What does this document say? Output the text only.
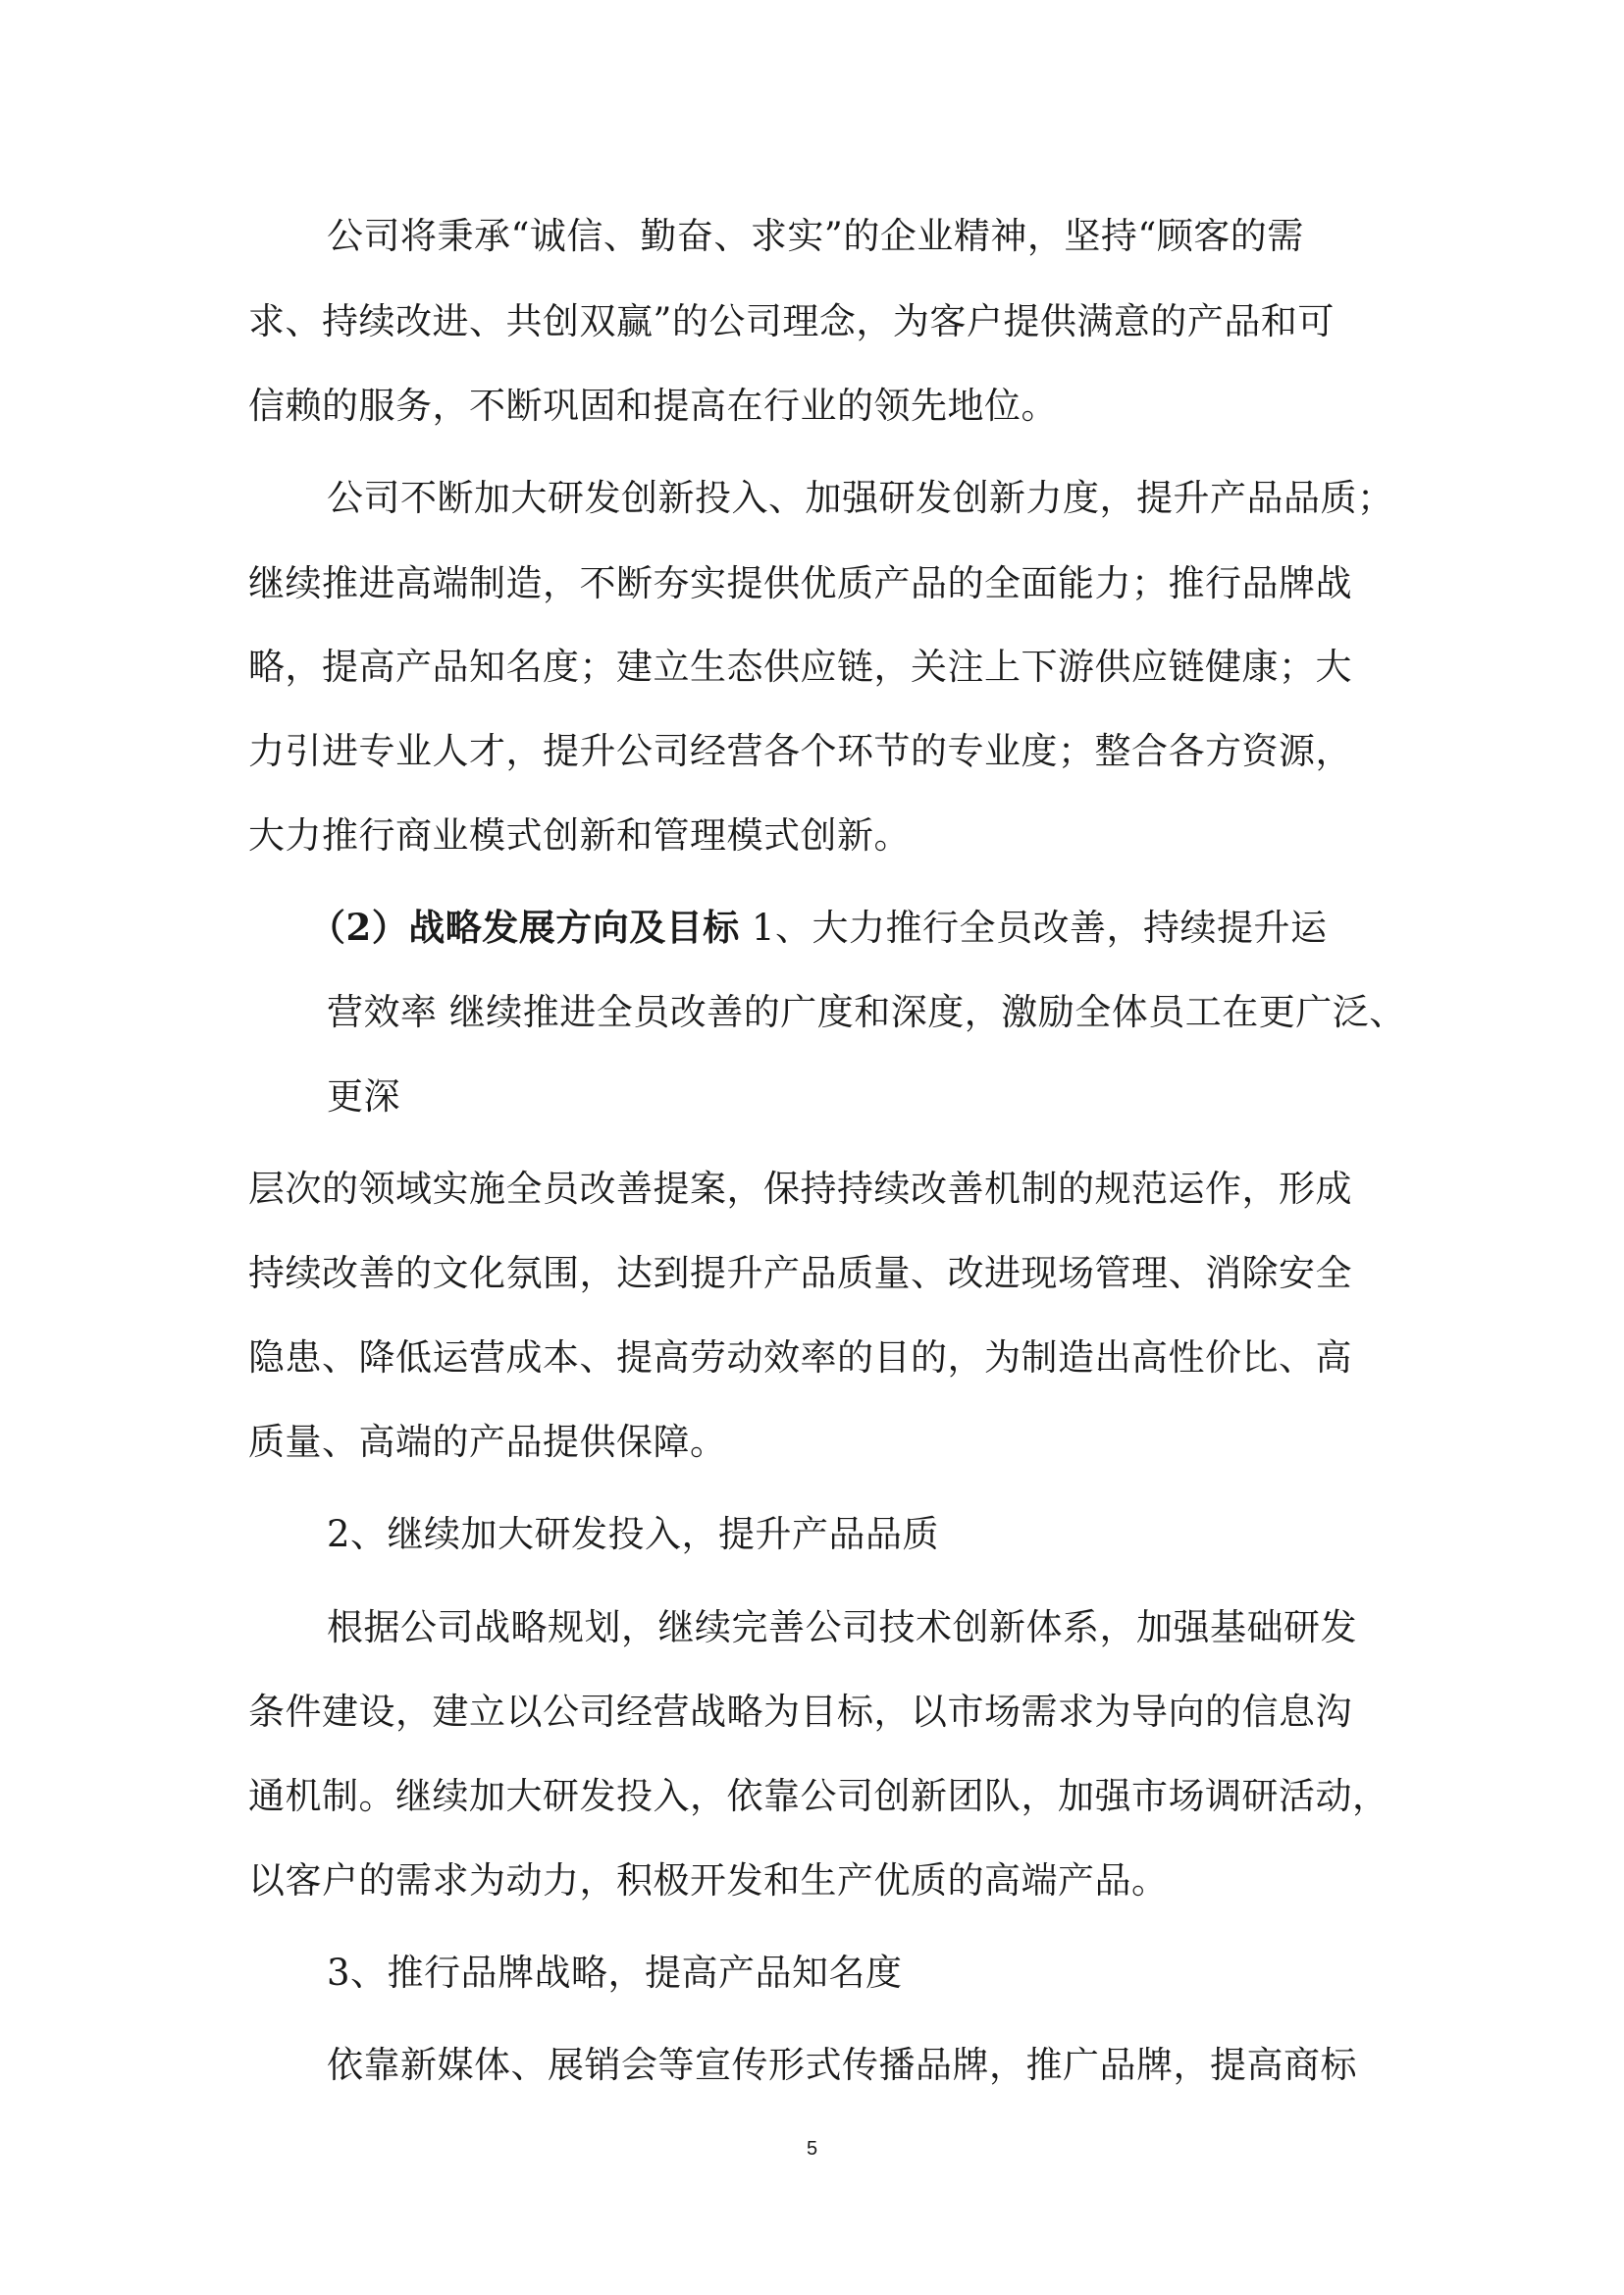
公司将秉承“诚信、勤奋、求实”的企业精神，坚持“顾客的需
求、持续改进、共创双赢”的公司理念，为客户提供满意的产品和可
信赖的服务，不断巩固和提高在行业的领先地位。
公司不断加大研发创新投入、加强研发创新力度，提升产品品质；
继续推进高端制造，不断夯实提供优质产品的全面能力；推行品牌战
略，提高产品知名度；建立生态供应链，关注上下游供应链健康；大
力引进专业人才，提升公司经营各个环节的专业度；整合各方资源，
大力推行商业模式创新和管理模式创新。
（2）战略发展方向及目标 1、大力推行全员改善，持续提升运
营效率 继续推进全员改善的广度和深度，激励全体员工在更广泛、
更深
层次的领域实施全员改善提案，保持持续改善机制的规范运作，形成
持续改善的文化氛围，达到提升产品质量、改进现场管理、消除安全
隐患、降低运营成本、提高劳动效率的目的，为制造出高性价比、高
质量、高端的产品提供保障。
2、继续加大研发投入，提升产品品质
根据公司战略规划，继续完善公司技术创新体系，加强基础研发
条件建设，建立以公司经营战略为目标，以市场需求为导向的信息沟
通机制。继续加大研发投入，依靠公司创新团队，加强市场调研活动，
以客户的需求为动力，积极开发和生产优质的高端产品。
3、推行品牌战略，提高产品知名度
依靠新媒体、展销会等宣传形式传播品牌，推广品牌，提高商标
5
